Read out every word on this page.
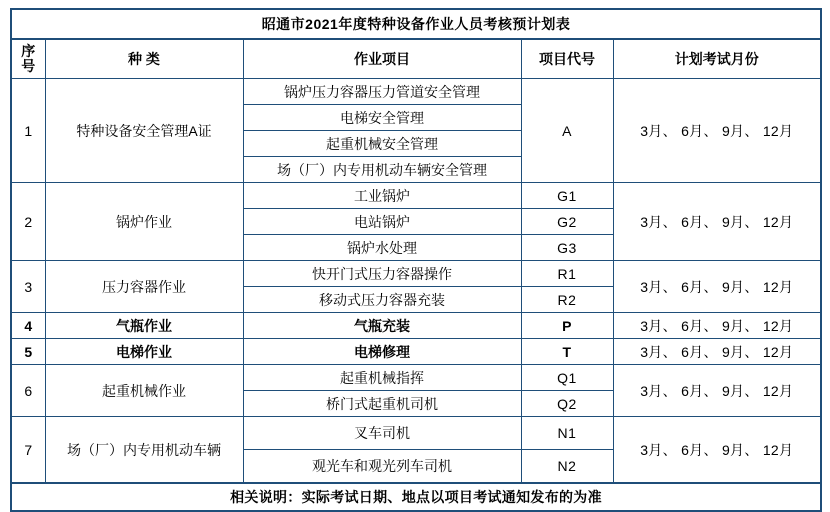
昭通市2021年度特种设备作业人员考核预计划表				

序
号	种 类	作业项目	项目代号	计划考试月份
1	特种设备安全管理A证	锅炉压力容器压力管道安全管理	A	3月、 6月、 9月、 12月
		电梯安全管理		
		起重机械安全管理		
		场（厂）内专用机动车辆安全管理		
2	锅炉作业	工业锅炉	G1	3月、 6月、 9月、 12月
		电站锅炉	G2	
		锅炉水处理	G3	
3	压力容器作业	快开门式压力容器操作	R1	3月、 6月、 9月、 12月
		移动式压力容器充装	R2	
4	气瓶作业	气瓶充装	P	3月、 6月、 9月、 12月
5	电梯作业	电梯修理	T	3月、 6月、 9月、 12月
6	起重机械作业	起重机械指挥	Q1	3月、 6月、 9月、 12月
		桥门式起重机司机	Q2	
7	场（厂）内专用机动车辆	叉车司机	N1	3月、 6月、 9月、 12月
		观光车和观光列车司机	N2	
相关说明：实际考试日期、地点以项目考试通知发布的为准				
